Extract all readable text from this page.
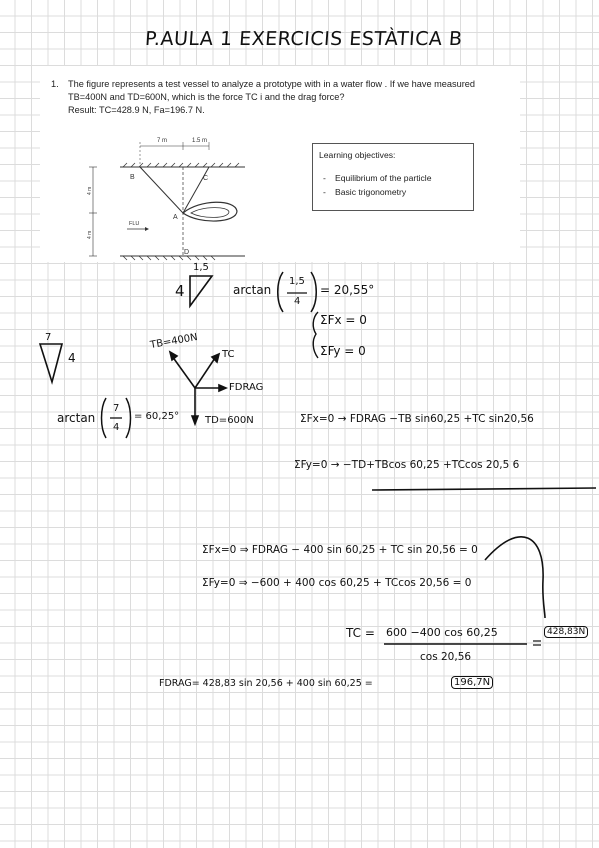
P.AULA 1 EXERCICIS ESTÀTICA B
1. The figure represents a test vessel to analyze a prototype with in a water flow . If we have measured TB=400N and TD=600N, which is the force TC i and the drag force?
Result: TC=428.9 N, Fa=196.7 N.
Learning objectives:
- Equilibrium of the particle
- Basic trigonometry
7 m	1.5 m
4 m
4 m
B	C
A
D
FLU
1,5
4	arctan
1,5
4
= 20,55°
ΣFx = 0
ΣFy = 0
7
4
TB=400N
TC
FDRAG
TD=600N
arctan
7
4
= 60,25°	ΣFx=0 → FDRAG −TB sin60,25 +TC sin20,56
ΣFy=0 → −TD+TBcos 60,25 +TCcos 20,5 6
ΣFx=0 ⇒ FDRAG − 400 sin 60,25 + TC sin 20,56 = 0
ΣFy=0 ⇒ −600 + 400 cos 60,25 + TCcos 20,56 = 0
TC = 600 −400 cos 60,25
cos 20,56
428,83N
FDRAG= 428,83 sin 20,56 + 400 sin 60,25 =	196,7N
